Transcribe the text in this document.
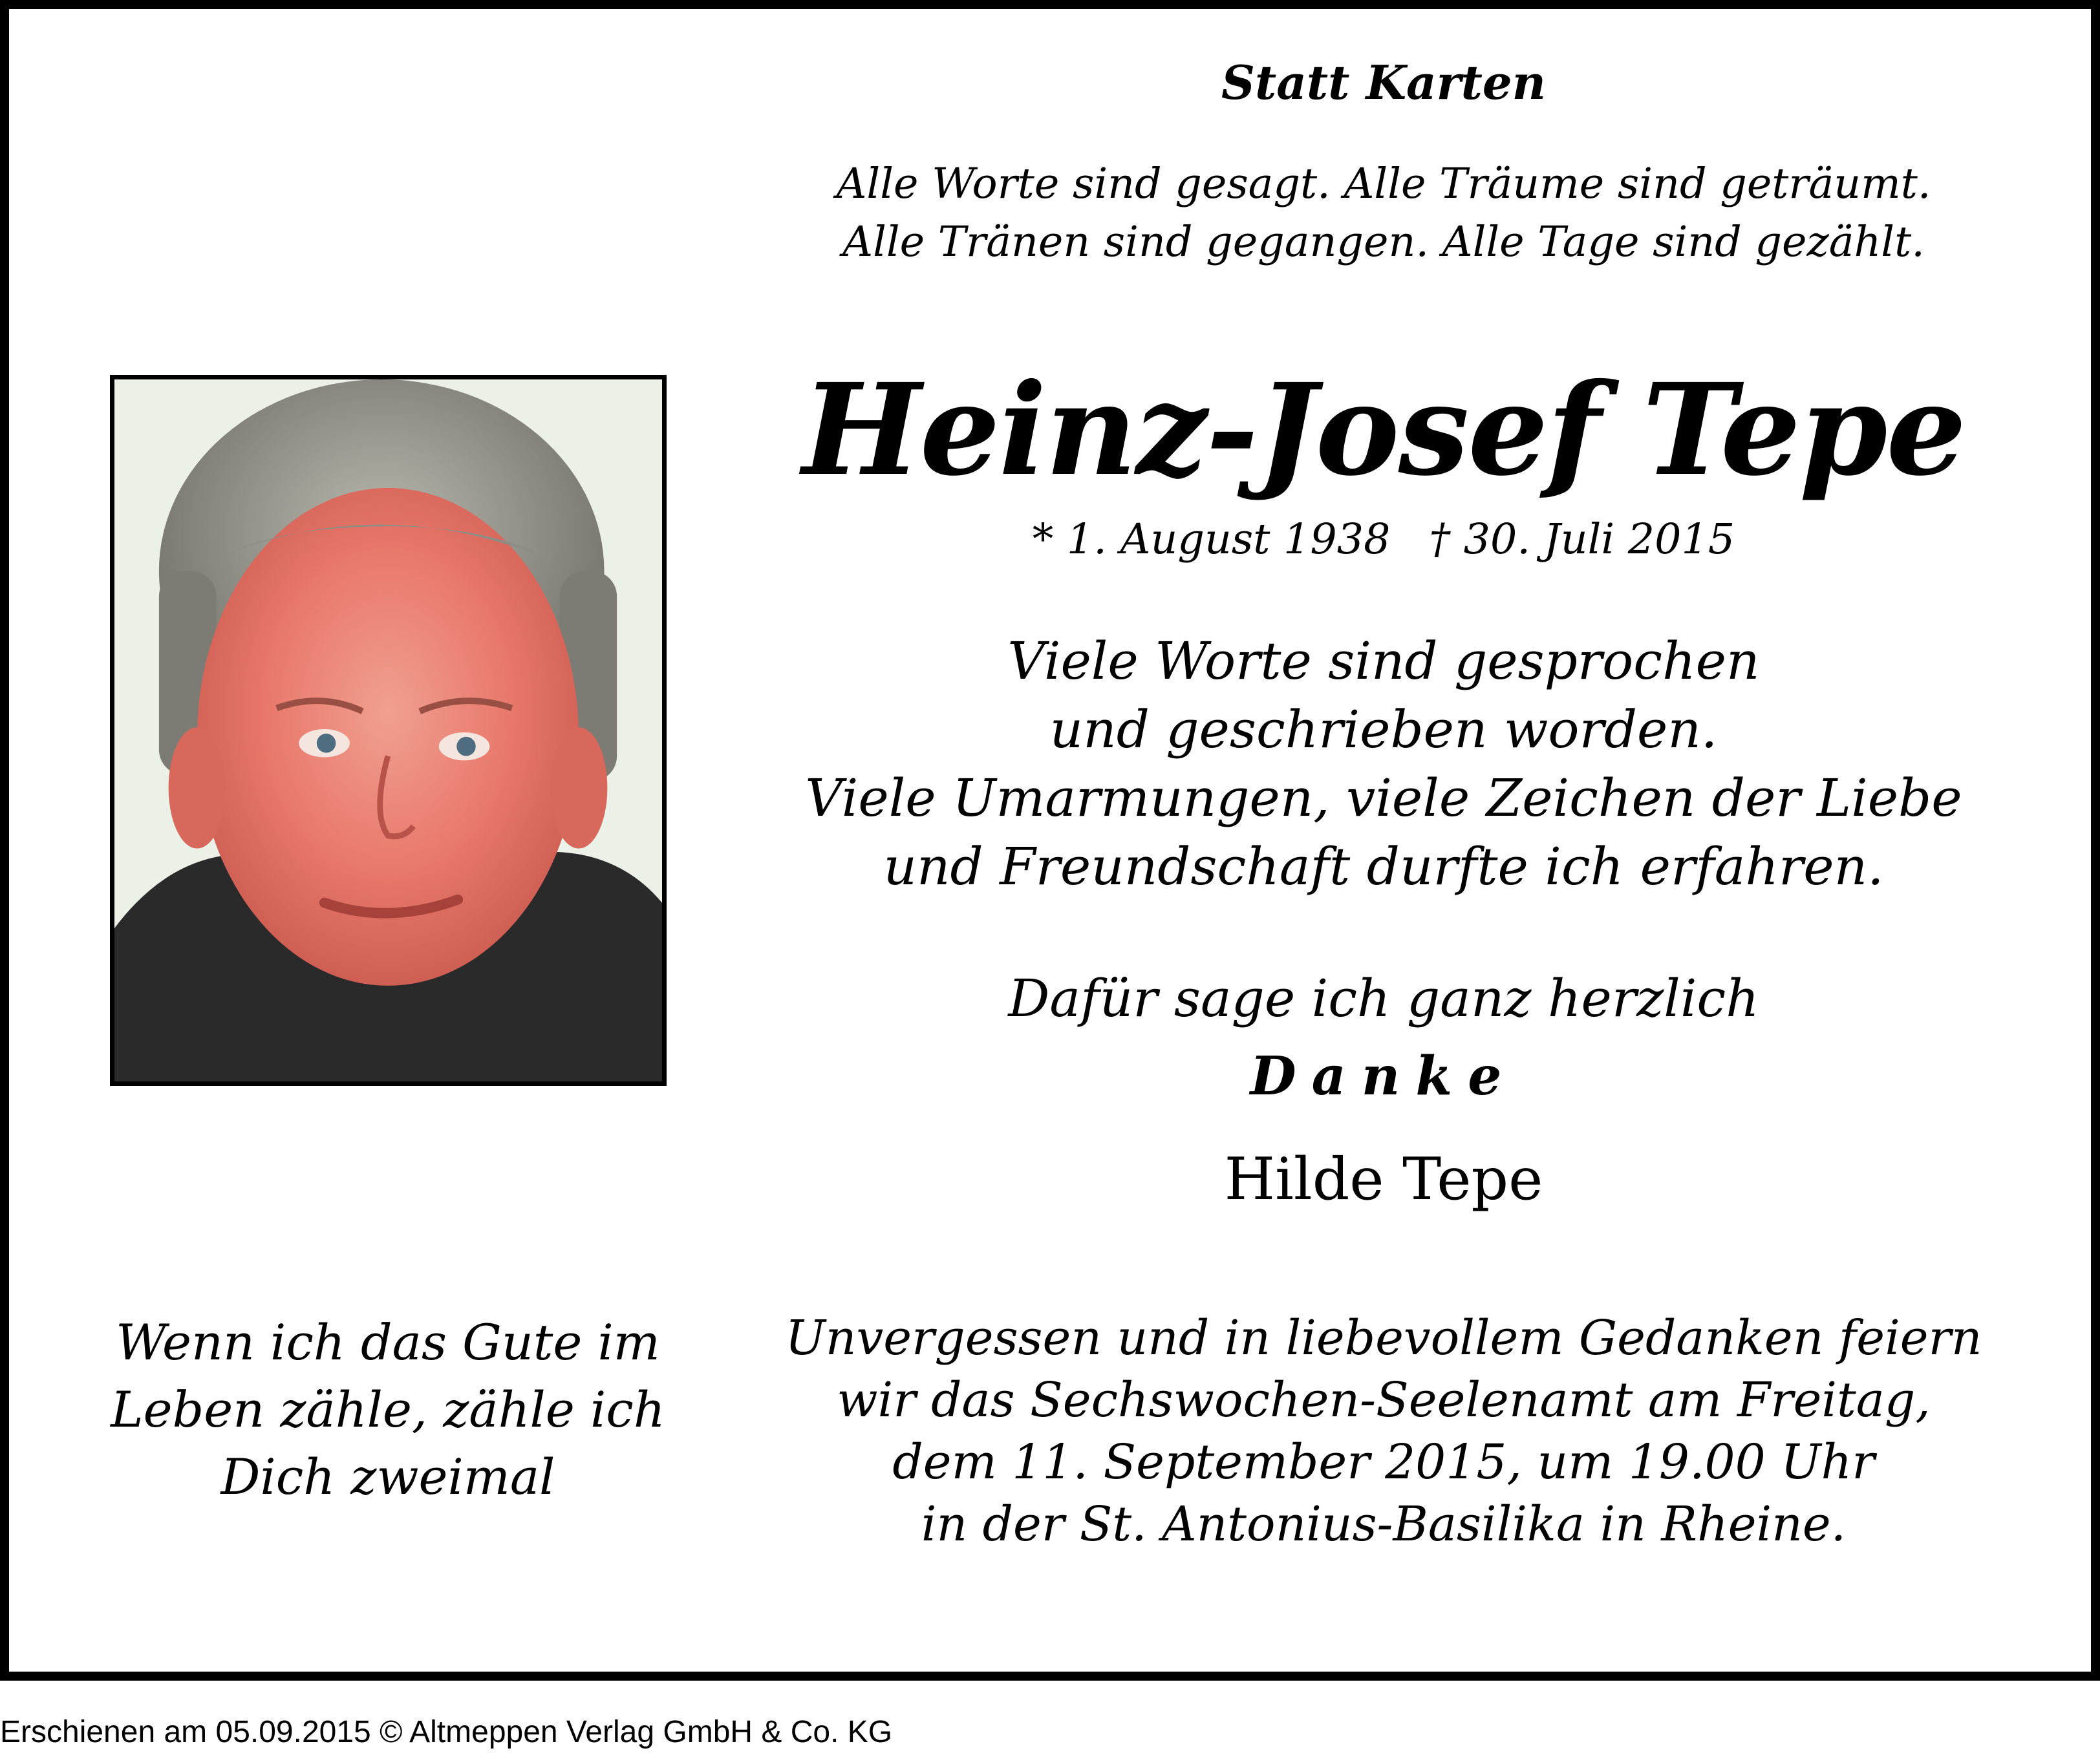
Statt Karten
Alle Worte sind gesagt. Alle Träume sind geträumt.
Alle Tränen sind gegangen. Alle Tage sind gezählt.
Heinz-Josef Tepe
* 1. August 1938 † 30. Juli 2015
Viele Worte sind gesprochen
und geschrieben worden.
Viele Umarmungen, viele Zeichen der Liebe
und Freundschaft durfte ich erfahren.
Dafür sage ich ganz herzlich
Danke
Hilde Tepe
Wenn ich das Gute im
Leben zähle, zähle ich
Dich zweimal
Unvergessen und in liebevollem Gedanken feiern
wir das Sechswochen-Seelenamt am Freitag,
dem 11. September 2015, um 19.00 Uhr
in der St. Antonius-Basilika in Rheine.
Erschienen am 05.09.2015 © Altmeppen Verlag GmbH & Co. KG
